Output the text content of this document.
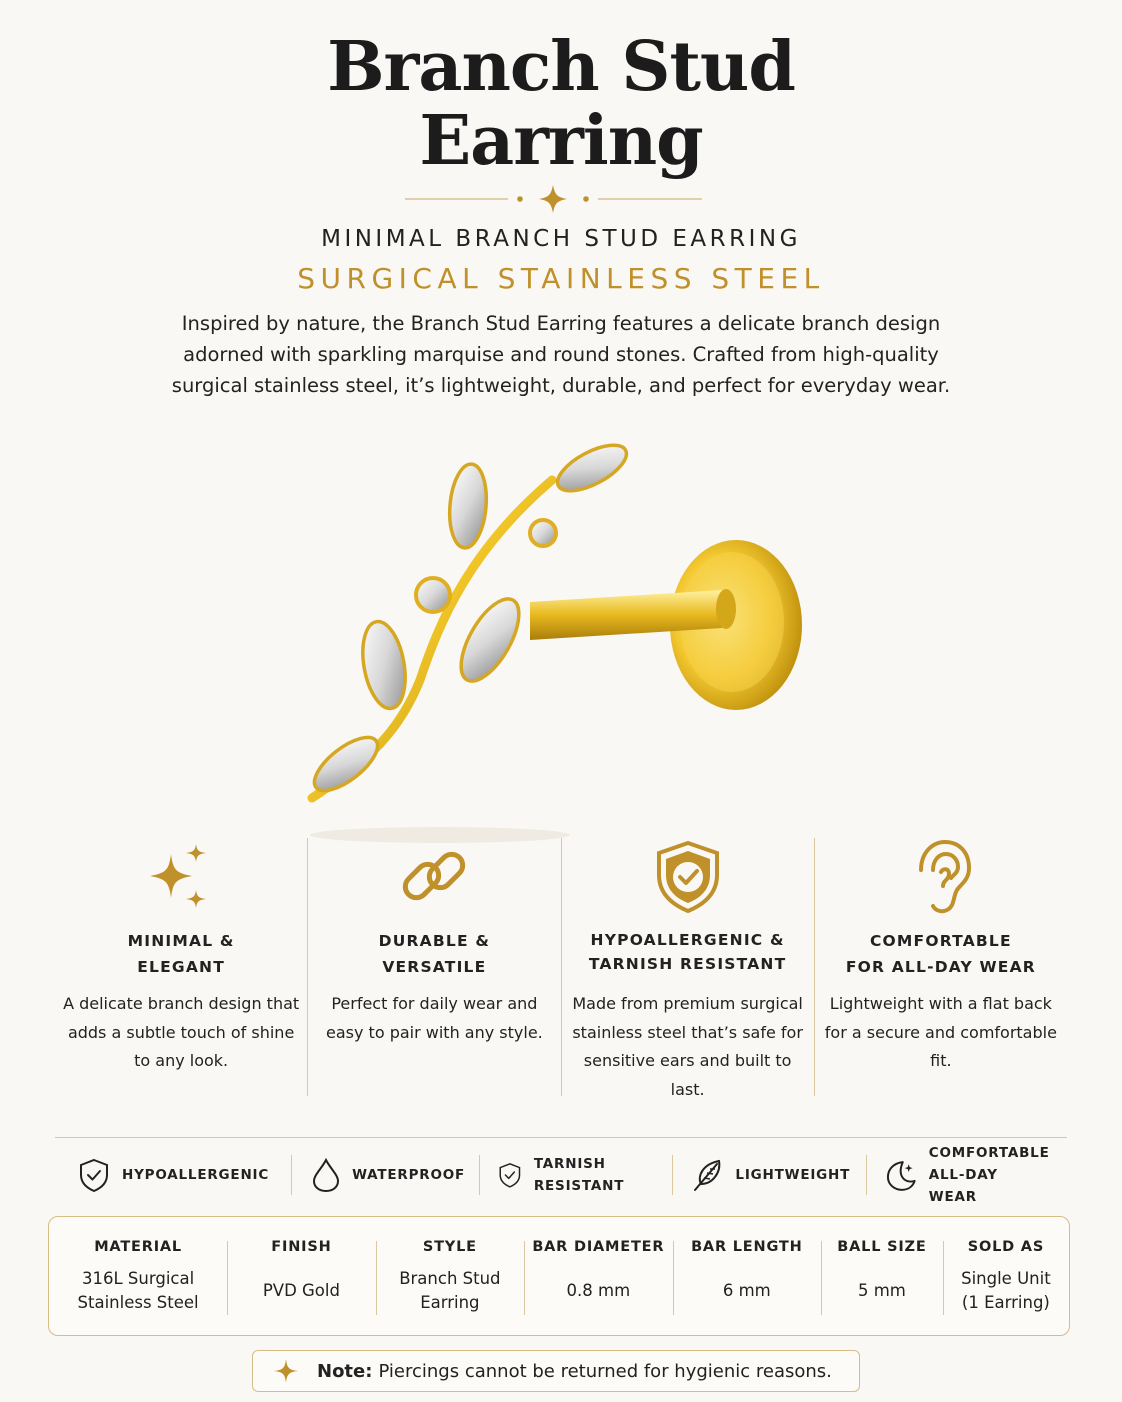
Branch Stud
Earring
MINIMAL BRANCH STUD EARRING
SURGICAL STAINLESS STEEL
Inspired by nature, the Branch Stud Earring features a delicate branch design adorned with sparkling marquise and round stones. Crafted from high-quality surgical stainless steel, it’s lightweight, durable, and perfect for everyday wear.
MINIMAL &
ELEGANT
A delicate branch design that adds a subtle touch of shine to any look.
DURABLE &
VERSATILE
Perfect for daily wear and easy to pair with any style.
HYPOALLERGENIC &
TARNISH RESISTANT
Made from premium surgical stainless steel that’s safe for sensitive ears and built to last.
COMFORTABLE
FOR ALL-DAY WEAR
Lightweight with a flat back for a secure and comfortable fit.
HYPOALLERGENIC	WATERPROOF
TARNISH RESISTANT
LIGHTWEIGHT
COMFORTABLE
ALL-DAY WEAR
MATERIAL
316L Surgical
Stainless Steel
FINISH
PVD Gold
STYLE
Branch Stud
Earring
BAR DIAMETER
0.8 mm
BAR LENGTH
6 mm
BALL SIZE
5 mm
SOLD AS
Single Unit
(1 Earring)
Note: Piercings cannot be returned for hygienic reasons.
